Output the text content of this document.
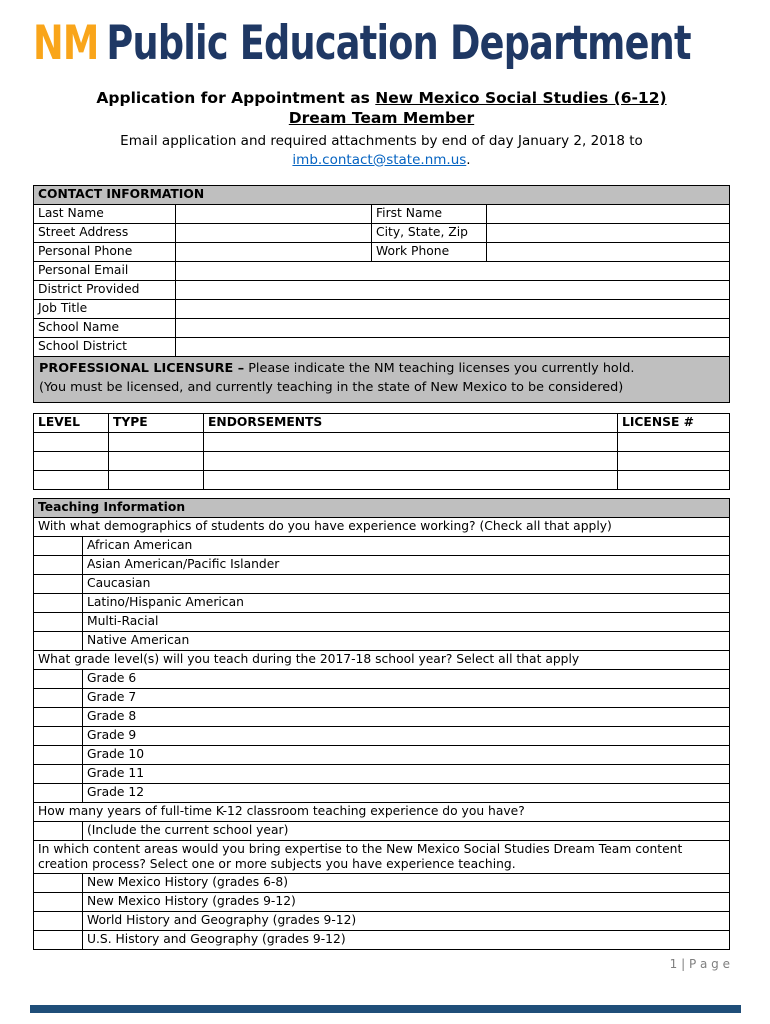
NM Public Education Department
Application for Appointment as New Mexico Social Studies (6-12)
Dream Team Member
Email application and required attachments by end of day January 2, 2018 to
imb.contact@state.nm.us.
CONTACT INFORMATION			
Last Name		First Name	
Street Address		City, State, Zip	
Personal Phone		Work Phone	
Personal Email			
District Provided			
Job Title			
School Name			
School District			
PROFESSIONAL LICENSURE – Please indicate the NM teaching licenses you currently hold.
(You must be licensed, and currently teaching in the state of New Mexico to be considered)
LEVEL	TYPE	ENDORSEMENTS	LICENSE #

Teaching Information	
With what demographics of students do you have experience working? (Check all that apply)	
	African American
	Asian American/Pacific Islander
	Caucasian
	Latino/Hispanic American
	Multi-Racial
	Native American
What grade level(s) will you teach during the 2017-18 school year? Select all that apply	
	Grade 6
	Grade 7
	Grade 8
	Grade 9
	Grade 10
	Grade 11
	Grade 12
How many years of full-time K-12 classroom teaching experience do you have?	
	(Include the current school year)
In which content areas would you bring expertise to the New Mexico Social Studies Dream Team content creation process? Select one or more subjects you have experience teaching.	
	New Mexico History (grades 6-8)
	New Mexico History (grades 9-12)
	World History and Geography (grades 9-12)
	U.S. History and Geography (grades 9-12)
1 | P a g e
